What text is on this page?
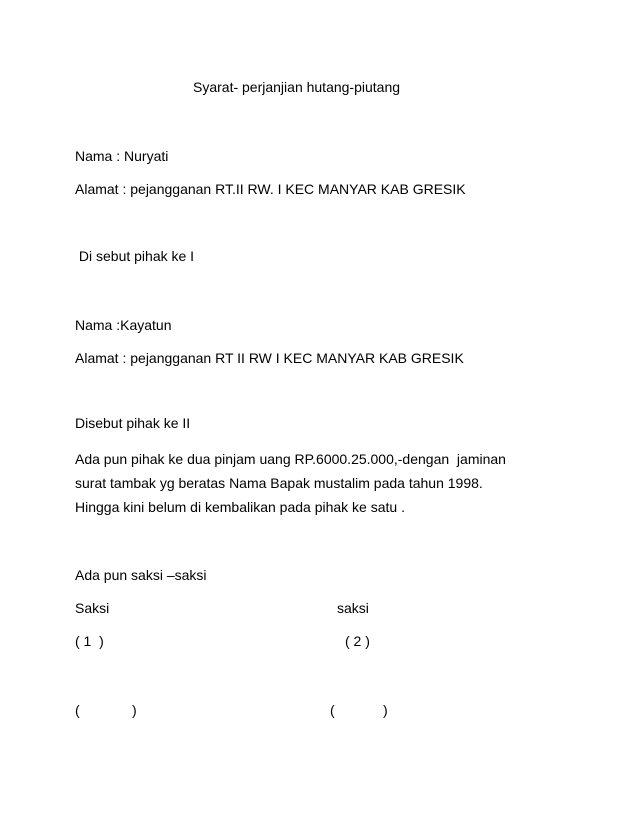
Syarat- perjanjian hutang-piutang
Nama : Nuryati
Alamat : pejangganan RT.II RW. I KEC MANYAR KAB GRESIK
Di sebut pihak ke I
Nama :Kayatun
Alamat : pejangganan RT II RW I KEC MANYAR KAB GRESIK
Disebut pihak ke II
Ada pun pihak ke dua pinjam uang RP.6000.25.000,-dengan  jaminan
surat tambak yg beratas Nama Bapak mustalim pada tahun 1998.
Hingga kini belum di kembalikan pada pihak ke satu .
Ada pun saksi –saksi
Saksi	saksi
( 1  )	( 2 )
(	)	(	)
